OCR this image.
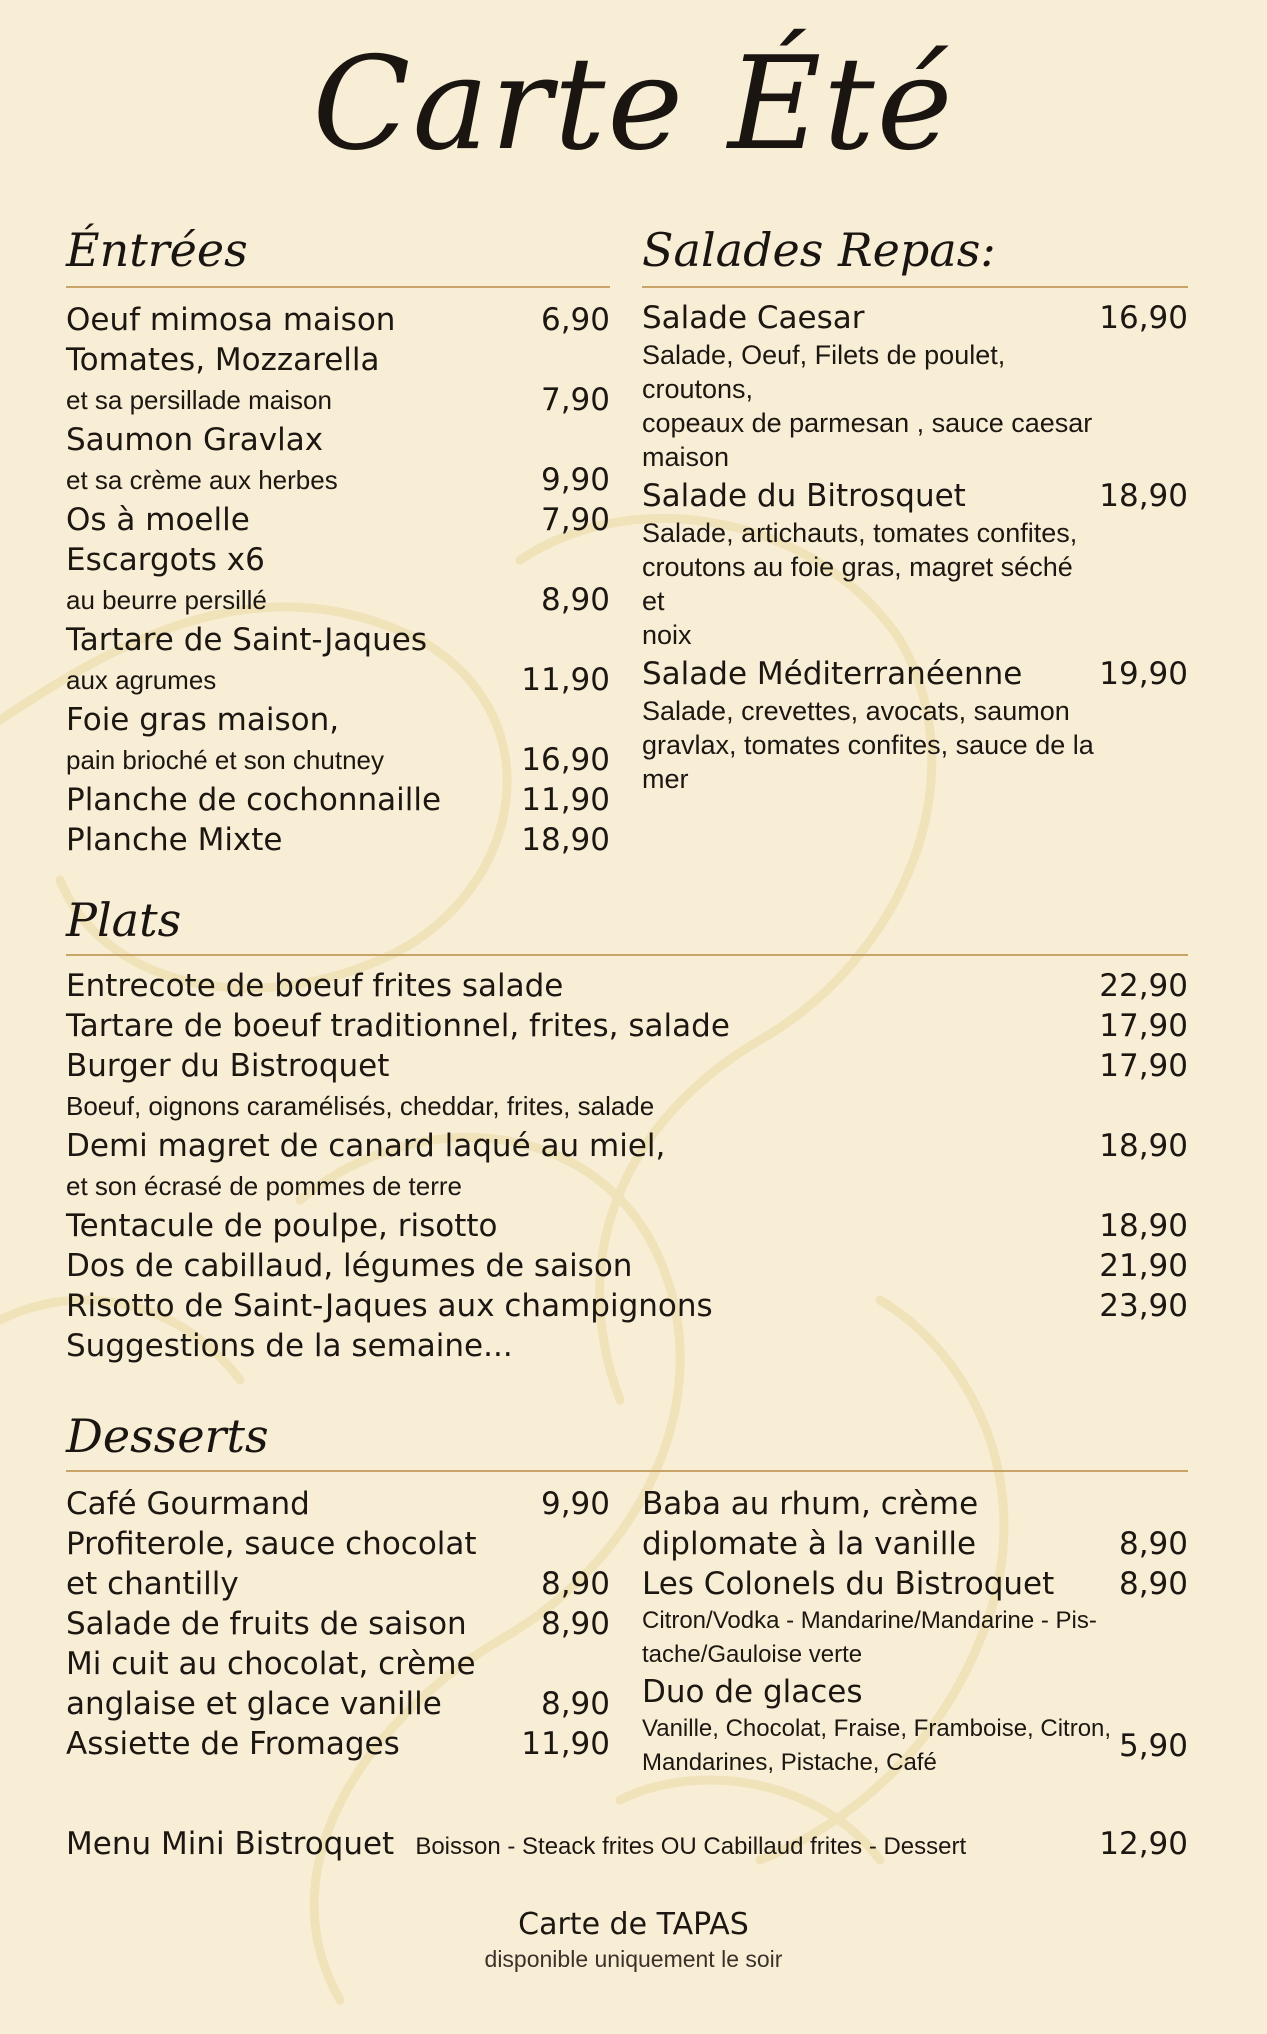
Carte Été
Éntrées
Oeuf mimosa maison	6,90
Tomates, Mozzarella
et sa persillade maison	7,90
Saumon Gravlax
et sa crème aux herbes	9,90
Os à moelle	7,90
Escargots x6
au beurre persillé	8,90
Tartare de Saint-Jaques
aux agrumes	11,90
Foie gras maison,
pain brioché et son chutney	16,90
Planche de cochonnaille	11,90
Planche Mixte	18,90
Salades Repas:
Salade Caesar	16,90
Salade, Oeuf, Filets de poulet, croutons,
copeaux de parmesan , sauce caesar
maison
Salade du Bitrosquet	18,90
Salade, artichauts, tomates confites,
croutons au foie gras, magret séché et
noix
Salade Méditerranéenne 19,90
Salade, crevettes, avocats, saumon
gravlax, tomates confites, sauce de la
mer
Plats
Entrecote de boeuf frites salade	22,90
Tartare de boeuf traditionnel, frites, salade	17,90
Burger du Bistroquet	17,90
Boeuf, oignons caramélisés, cheddar, frites, salade
Demi magret de canard laqué au miel,	18,90
et son écrasé de pommes de terre
Tentacule de poulpe, risotto	18,90
Dos de cabillaud, légumes de saison	21,90
Risotto de Saint-Jaques aux champignons	23,90
Suggestions de la semaine...
Desserts
Café Gourmand	9,90
Profiterole, sauce chocolat
et chantilly	8,90
Salade de fruits de saison 8,90
Mi cuit au chocolat, crème
anglaise et glace vanille	8,90
Assiette de Fromages	11,90
Baba au rhum, crème
diplomate à la vanille	8,90
Les Colonels du Bistroquet 8,90
Citron/Vodka - Mandarine/Mandarine - Pis-
tache/Gauloise verte
Duo de glaces
Vanille, Chocolat, Fraise, Framboise, Citron,
Mandarines, Pistache, Café	5,90
Menu Mini Bistroquet Boisson - Steack frites OU Cabillaud frites - Dessert	12,90
Carte de TAPAS
disponible uniquement le soir
